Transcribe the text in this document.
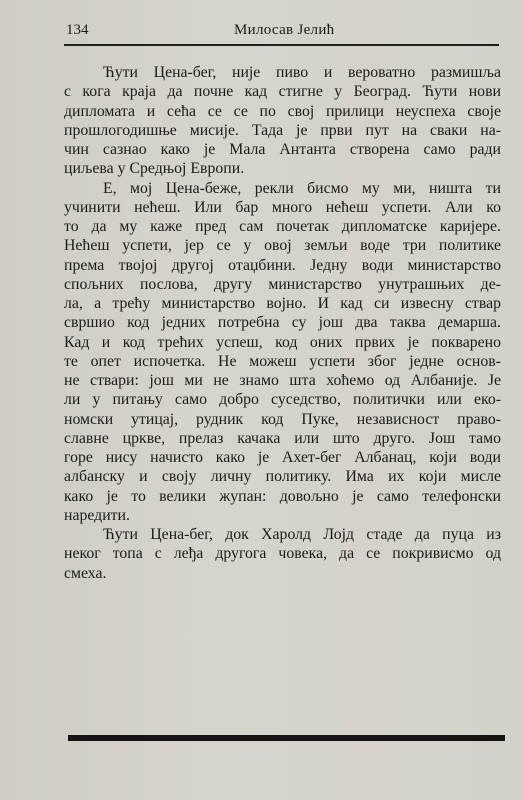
134	Милосав Јелић
Ћути Цена-бег, није пиво и вероватно размишља
с кога краја да почне кад стигне у Београд. Ћути нови
дипломата и сећа се се по своj прилици неуспеха своје
прошлогодишње мисије. Тада је први пут на сваки на-
чин сазнао како је Мала Антанта створена само ради
циљева у Средњој Европи.
Е, мој Цена-беже, рекли бисмо му ми, ништа ти
учинити нећеш. Или бар много нећеш успети. Али ко
то да му каже пред сам почетак дипломатске каријере.
Нећеш успети, јер се у овој земљи воде три политике
према твојој другој отаџбини. Једну води министарство
спољних послова, другу министарство унутрашњих де-
ла, а трећу министарство војно. И кад си извесну ствар
свршио код једних потребна су још два таква демарша.
Кад и код трећих успеш, код оних првих је покварено
те опет испочетка. Не можеш успети због једне основ-
не ствари: још ми не знамо шта хоћемо од Албаније. Је
ли у питању само добро суседство, политички или еко-
номски утицај, рудник код Пуке, независност право-
славне цркве, прелаз качака или што друго. Још тамо
горе нису начисто како је Ахет-бег Албанац, који води
албанску и своју личну политику. Има их који мисле
како је то велики жупан: довољно је само телефонски
наредити.
Ћути Цена-бег, док Харолд Лојд стаде да пуца из
неког топа с леђа другога човека, да се покривисмо од
смеха.
